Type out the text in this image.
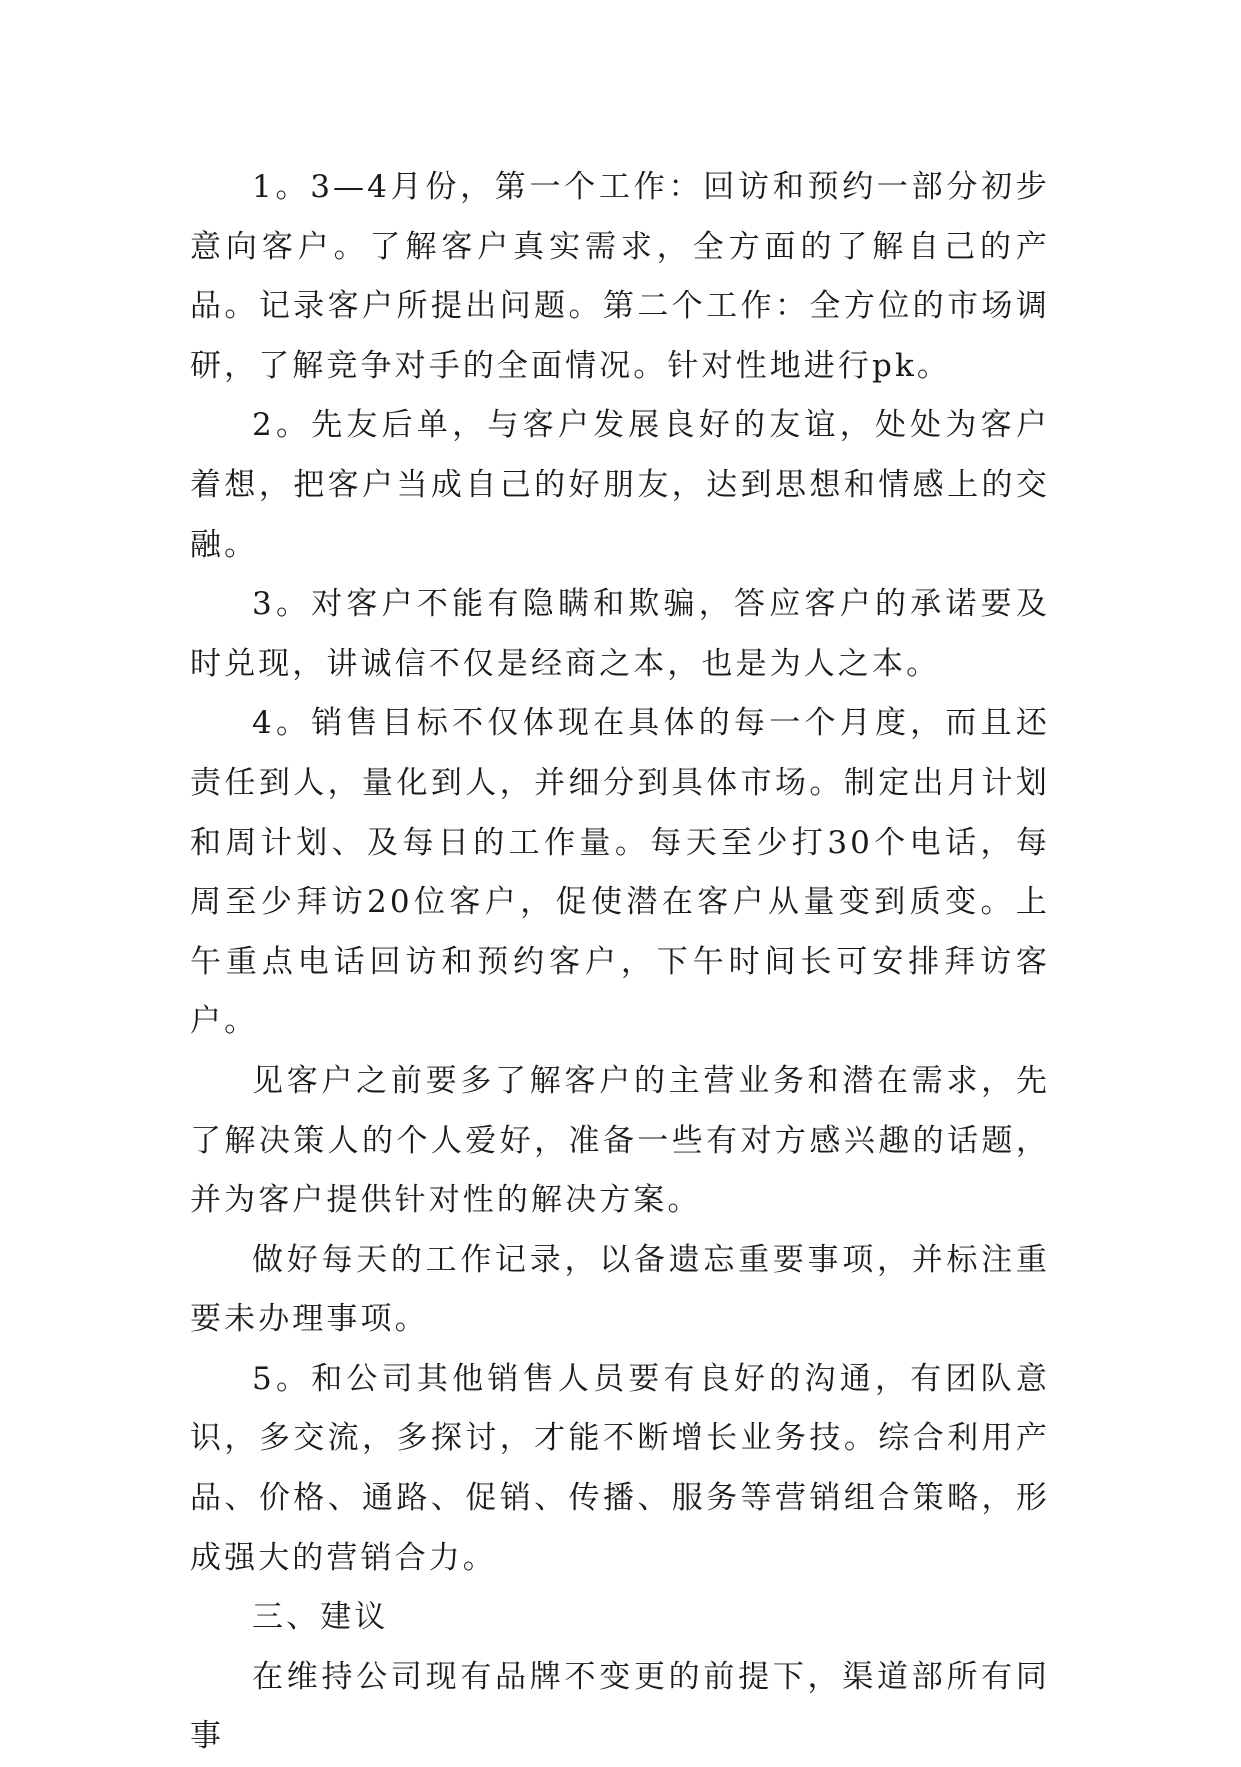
1。3—4月份，第一个工作：回访和预约一部分初步意向客户。了解客户真实需求，全方面的了解自己的产品。记录客户所提出问题。第二个工作：全方位的市场调研，了解竞争对手的全面情况。针对性地进行pk。

2。先友后单，与客户发展良好的友谊，处处为客户着想，把客户当成自己的好朋友，达到思想和情感上的交融。

3。对客户不能有隐瞒和欺骗，答应客户的承诺要及时兑现，讲诚信不仅是经商之本，也是为人之本。

4。销售目标不仅体现在具体的每一个月度，而且还责任到人，量化到人，并细分到具体市场。制定出月计划和周计划、及每日的工作量。每天至少打30个电话，每周至少拜访20位客户，促使潜在客户从量变到质变。上午重点电话回访和预约客户，下午时间长可安排拜访客户。

见客户之前要多了解客户的主营业务和潜在需求，先了解决策人的个人爱好，准备一些有对方感兴趣的话题，并为客户提供针对性的解决方案。

做好每天的工作记录，以备遗忘重要事项，并标注重要未办理事项。

5。和公司其他销售人员要有良好的沟通，有团队意识，多交流，多探讨，才能不断增长业务技。综合利用产品、价格、通路、促销、传播、服务等营销组合策略，形成强大的营销合力。

三、建议

在维持公司现有品牌不变更的前提下，渠道部所有同事
